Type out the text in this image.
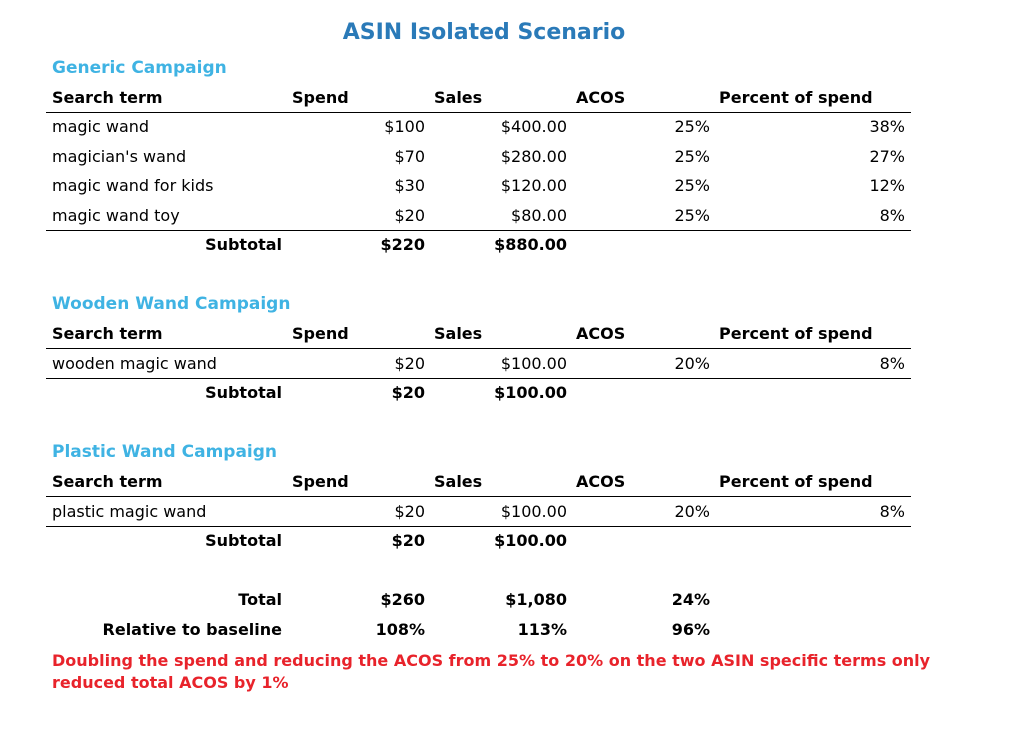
ASIN Isolated Scenario
Generic Campaign
Search term	Spend	Sales	ACOS	Percent of spend
magic wand	$100	$400.00	25%	38%
magician's wand	$70	$280.00	25%	27%
magic wand for kids	$30	$120.00	25%	12%
magic wand toy	$20	$80.00	25%	8%
Subtotal	$220	$880.00
Wooden Wand Campaign
Search term	Spend	Sales	ACOS	Percent of spend
wooden magic wand	$20	$100.00	20%	8%
Subtotal	$20	$100.00
Plastic Wand Campaign
Search term	Spend	Sales	ACOS	Percent of spend
plastic magic wand	$20	$100.00	20%	8%
Subtotal	$20	$100.00
Total	$260	$1,080	24%
Relative to baseline	108%	113%	96%
Doubling the spend and reducing the ACOS from 25% to 20% on the two ASIN specific terms only reduced total ACOS by 1%
